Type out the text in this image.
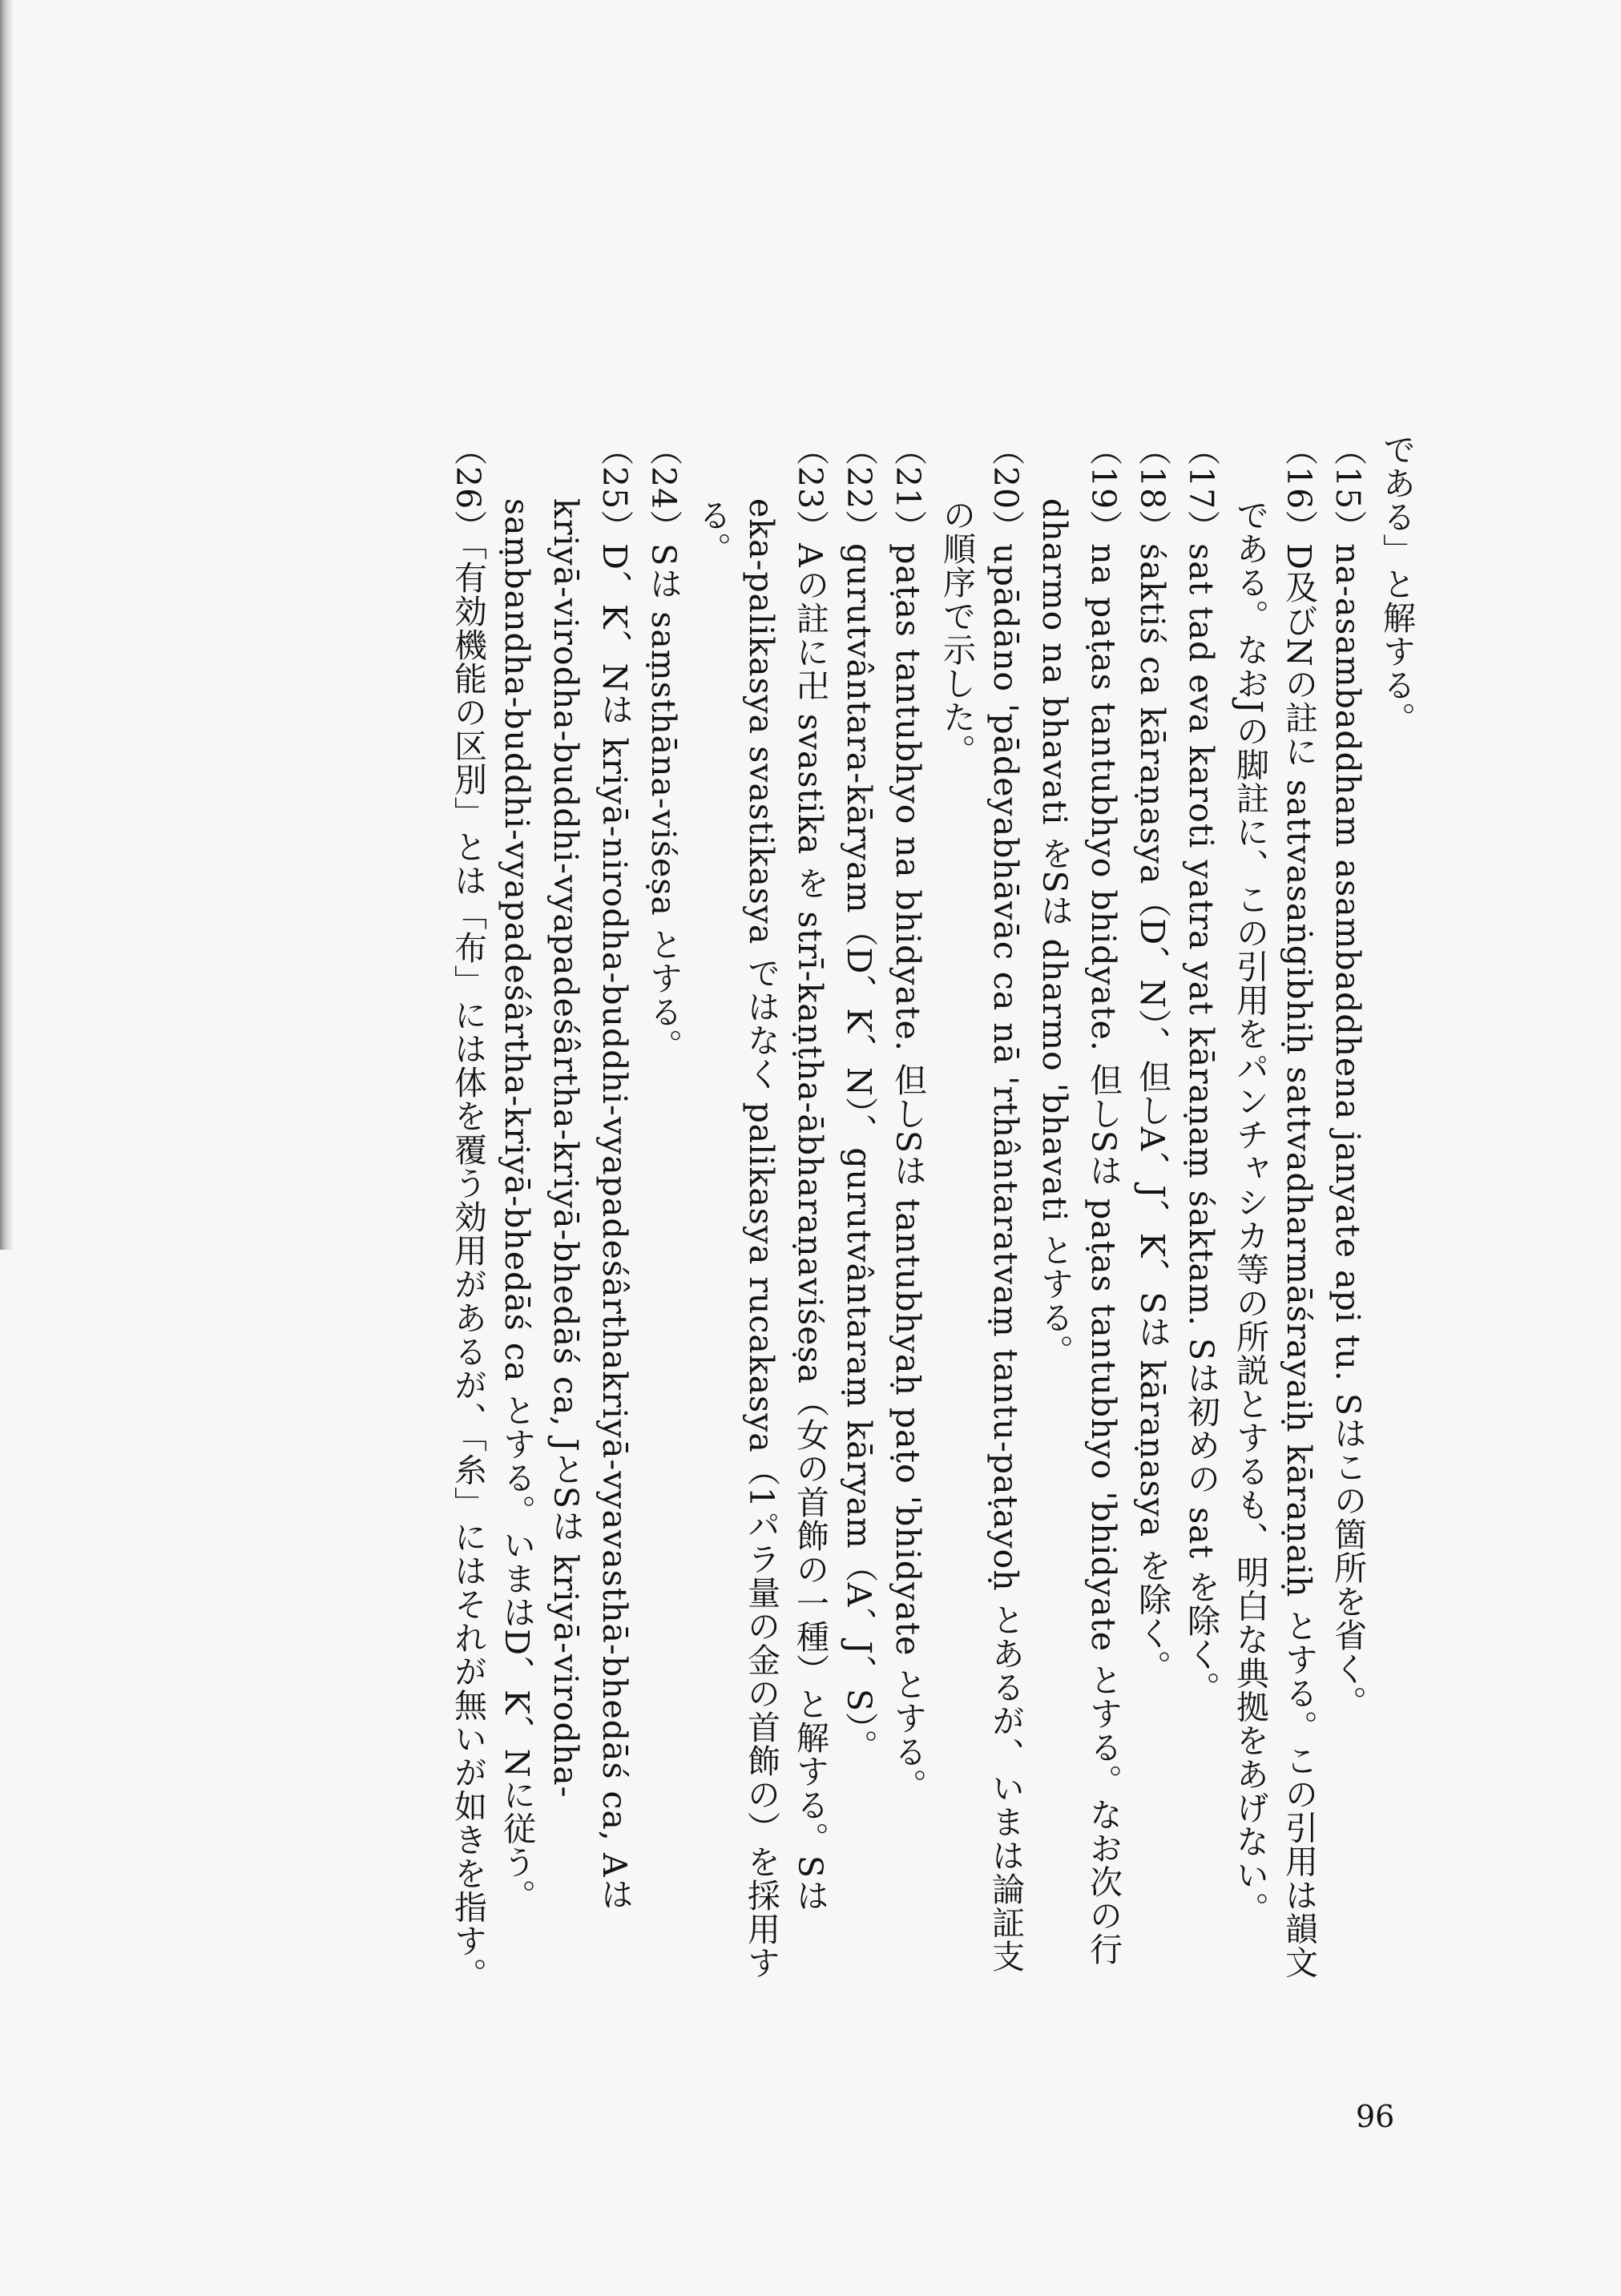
である」と解する。

（15）na-asambaddham asambaddhena janyate api tu. Sはこの箇所を省く。

（16）D及びNの註に sattvasaṅgibhiḥ sattvadharmāśrayaiḥ kāraṇaiḥ とする。この引用は韻文である。なおJの脚註に、この引用をパンチャシカ等の所説とするも、明白な典拠をあげない。

（17）sat tad eva karoti yatra yat kāraṇaṃ śaktam. Sは初めの sat を除く。

（18）śaktiś ca kāraṇasya（D、N）、但しA、J、K、Sは kāraṇasya を除く。

（19）na paṭas tantubhyo bhidyate. 但しSは paṭas tantubhyo 'bhidyate とする。なお次の行 dharmo na bhavati をSは dharmo 'bhavati とする。

（20）upādāno 'pādeyabhāvāc ca nā 'rthântaratvaṃ tantu-paṭayoḥ とあるが、いまは論証支の順序で示した。

（21）paṭas tantubhyo na bhidyate. 但しSは tantubhyaḥ paṭo 'bhidyate とする。

（22）gurutvântara-kāryam（D、K、N）、gurutvântaraṃ kāryam（A、J、S）。

（23）Aの註に卍 svastika を strī-kaṇṭha-ābharaṇaviśeṣa（女の首飾の一種）と解する。Sは eka-palikasya svastikasya ではなく palikasya rucakasya（1パラ量の金の首飾の）を採用する。

（24）Sは saṃsthāna-viśeṣa とする。

（25）D、K、Nは kriyā-nirodha-buddhi-vyapadeśârthakriyā-vyavasthā-bhedāś ca, Aは kriyā-virodha-buddhi-vyapadeśârtha-kriyā-bhedāś ca, JとSは kriyā-virodha-saṃbandha-buddhi-vyapadeśârtha-kriyā-bhedāś ca とする。いまはD、K、Nに従う。

（26）「有効機能の区別」とは「布」には体を覆う効用があるが、「糸」にはそれが無いが如きを指す。

96
